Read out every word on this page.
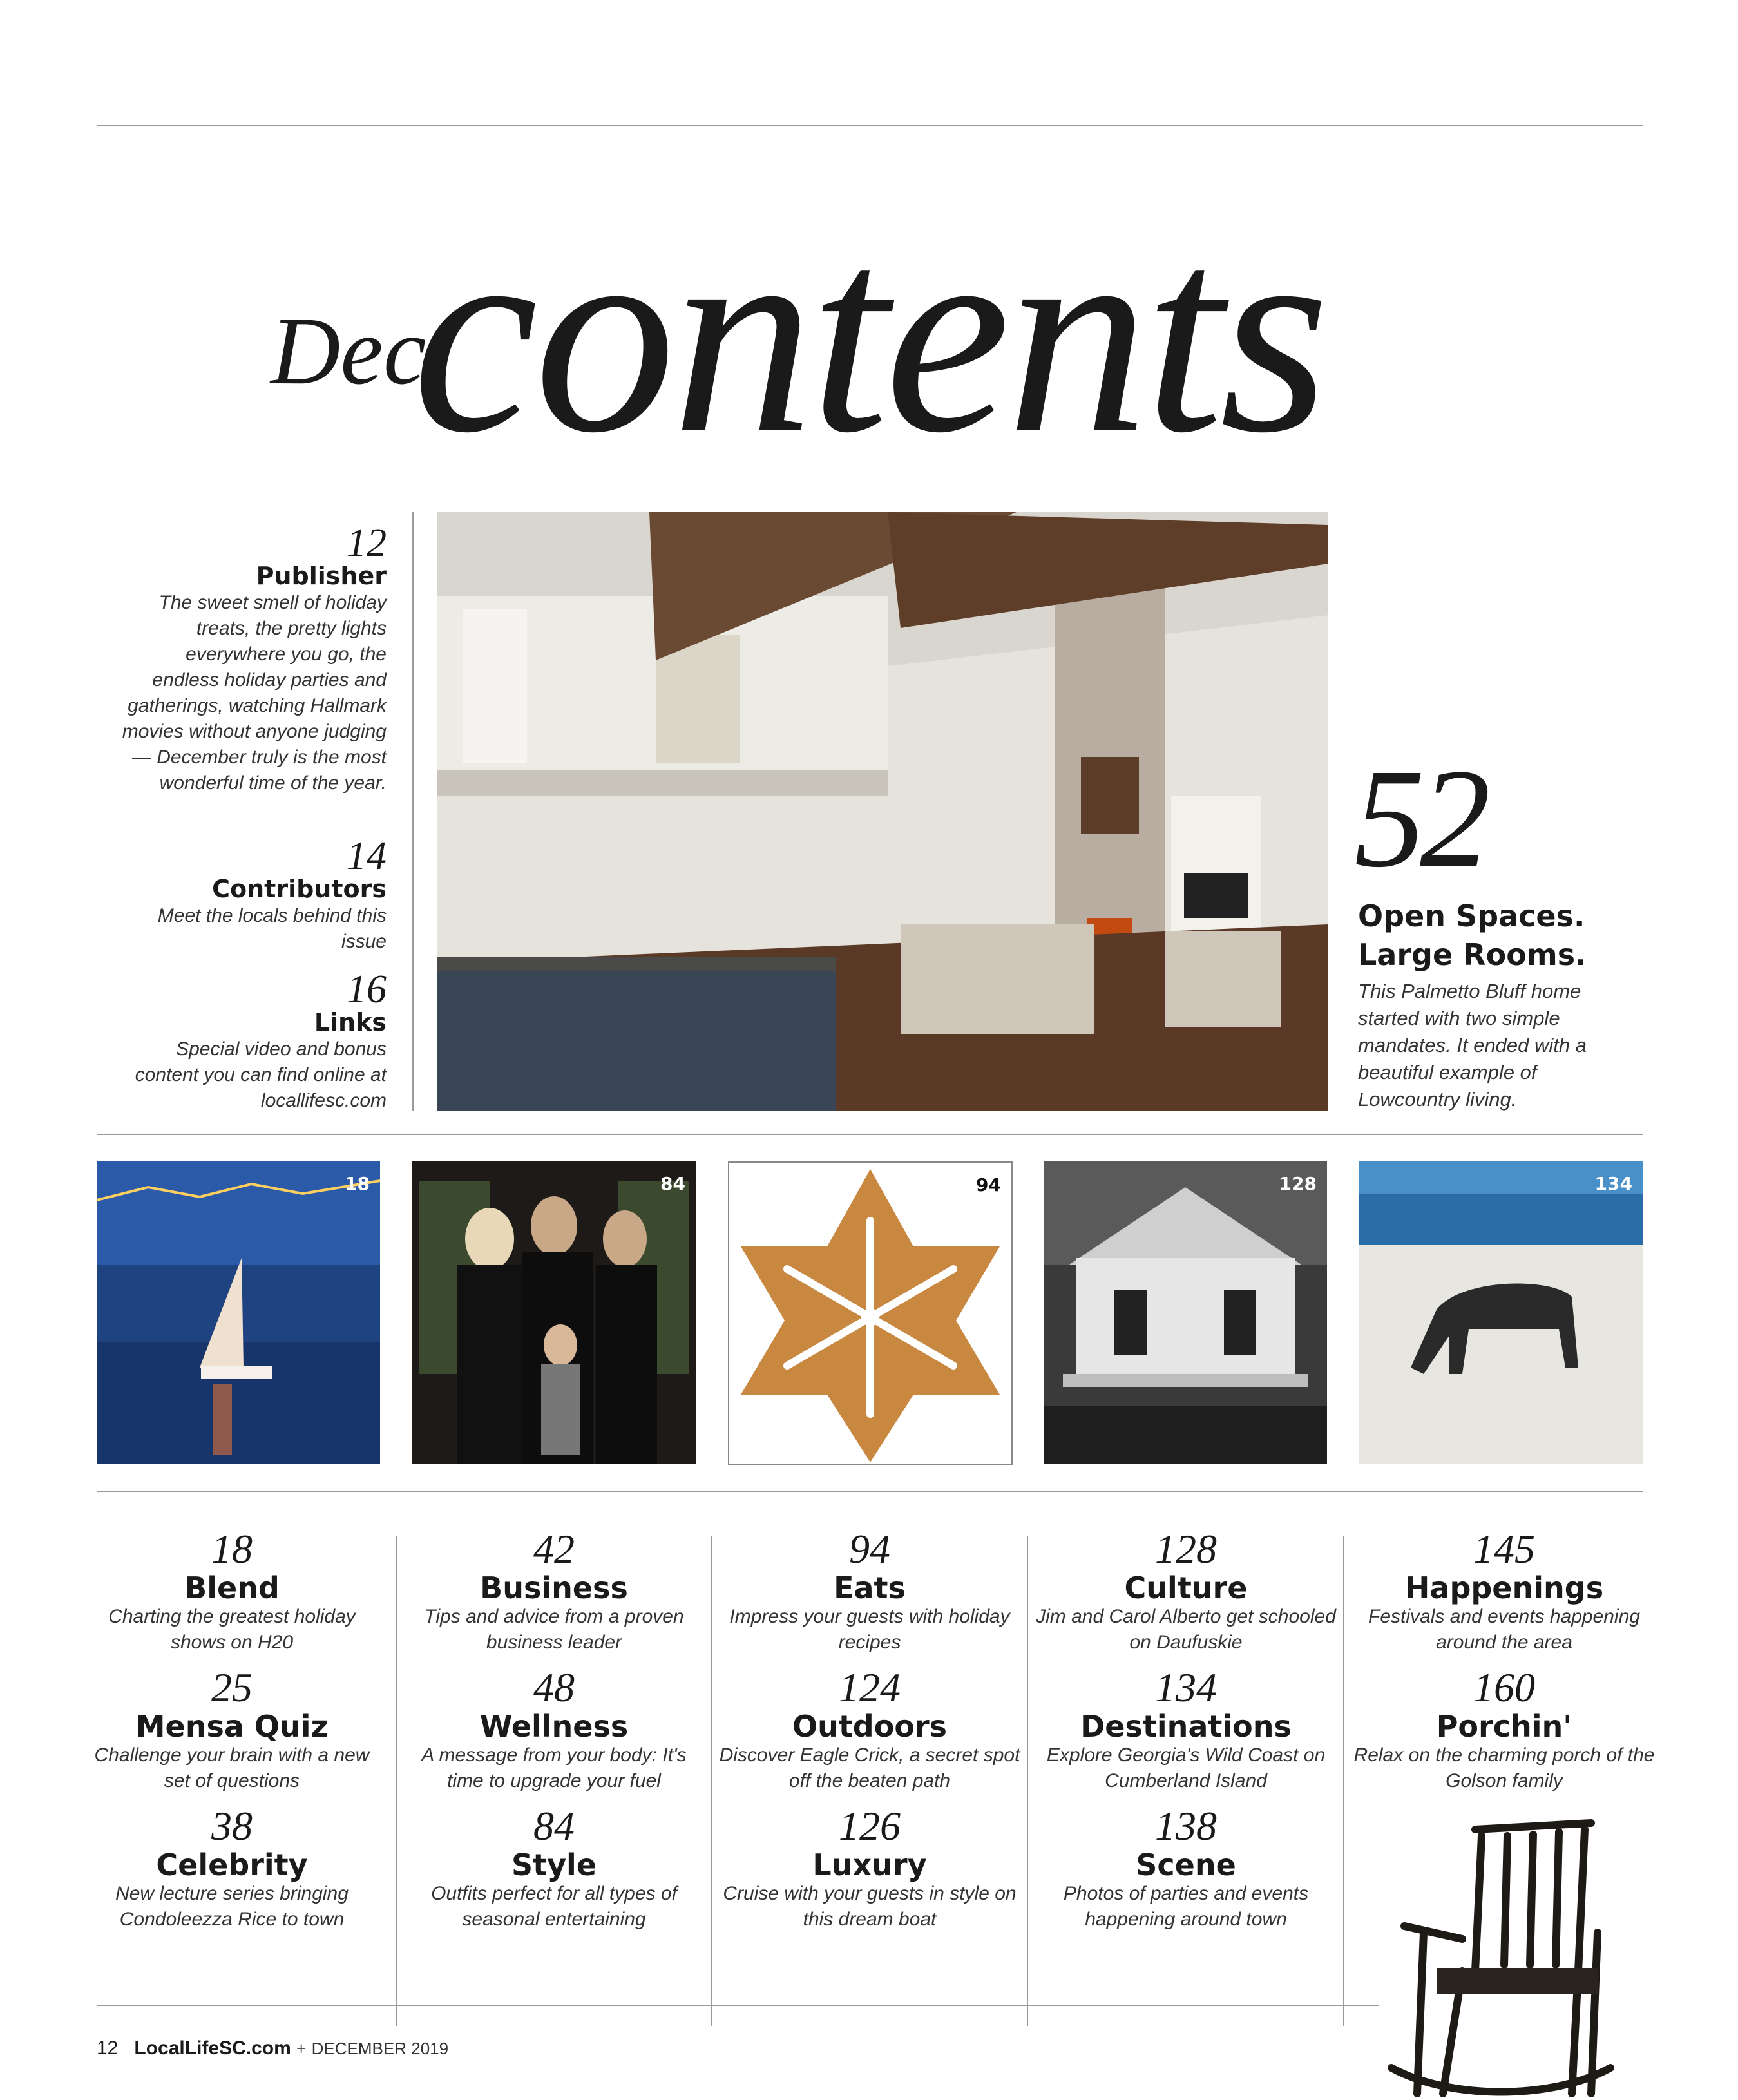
Dec
contents
12
Publisher
The sweet smell of holiday treats, the pretty lights everywhere you go, the endless holiday parties and gatherings, watching Hallmark movies without anyone judging — December truly is the most wonderful time of the year.
14
Contributors
Meet the locals behind this issue
16
Links
Special video and bonus content you can find online at locallifesc.com
52
Open Spaces.
Large Rooms.
This Palmetto Bluff home started with two simple mandates. It ended with a beautiful example of Lowcountry living.
18	84	94	128	134
18
Blend
Charting the greatest holiday shows on H20
25
Mensa Quiz
Challenge your brain with a new set of questions
38
Celebrity
New lecture series bringing Condoleezza Rice to town
42
Business
Tips and advice from a proven business leader
48
Wellness
A message from your body: It's time to upgrade your fuel
84
Style
Outfits perfect for all types of seasonal entertaining
94
Eats
Impress your guests with holiday recipes
124
Outdoors
Discover Eagle Crick, a secret spot off the beaten path
126
Luxury
Cruise with your guests in style on this dream boat
128
Culture
Jim and Carol Alberto get schooled on Daufuskie
134
Destinations
Explore Georgia's Wild Coast on Cumberland Island
138
Scene
Photos of parties and events happening around town
145
Happenings
Festivals and events happening around the area
160
Porchin'
Relax on the charming porch of the Golson family
12 LocalLifeSC.com + DECEMBER 2019
